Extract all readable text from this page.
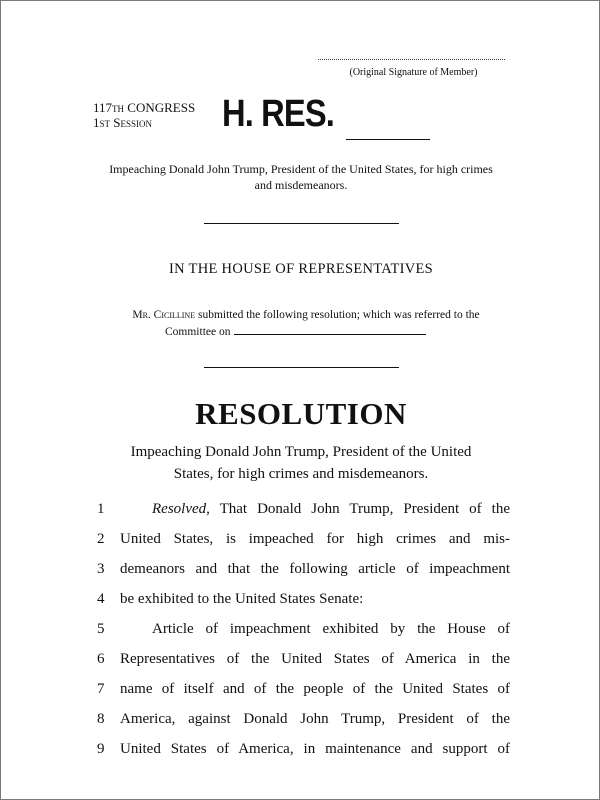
(Original Signature of Member)
117th CONGRESS
1st Session	H. RES.
Impeaching Donald John Trump, President of the United States, for high crimes and misdemeanors.
IN THE HOUSE OF REPRESENTATIVES
Mr. Cicilline submitted the following resolution; which was referred to the
Committee on
RESOLUTION
Impeaching Donald John Trump, President of the United
States, for high crimes and misdemeanors.
1	Resolved, That Donald John Trump, President of the
2	United States, is impeached for high crimes and mis-
3	demeanors and that the following article of impeachment
4	be exhibited to the United States Senate:
5	Article of impeachment exhibited by the House of
6	Representatives of the United States of America in the
7	name of itself and of the people of the United States of
8	America, against Donald John Trump, President of the
9	United States of America, in maintenance and support of
